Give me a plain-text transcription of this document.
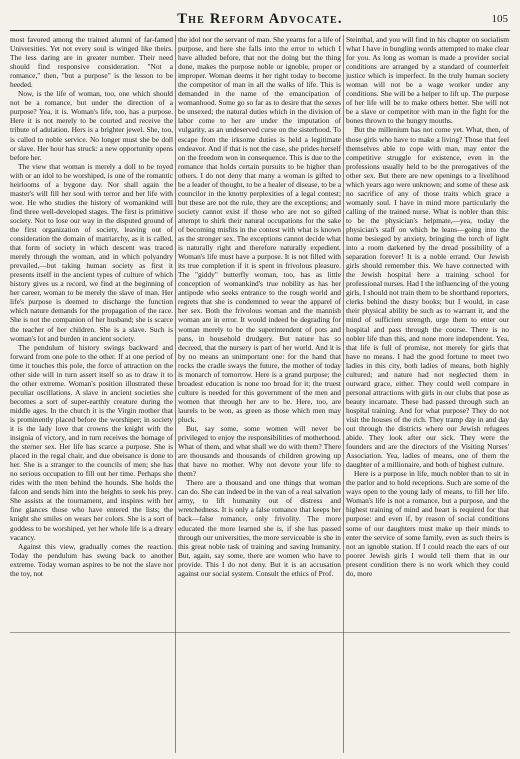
The Reform Advocate.	105

most favored among the trained alumni of far-famed Universities. Yet not every soul is winged like theirs. The less daring are in greater number. Their need should find responsive consideration. "Not a romance," then, "but a purpose" is the lesson to be heeded.

Now, is the life of woman, too, one which should not be a romance, but under the direction of a purpose? Yea, it is. Woman's life, too, has a purpose. Here it is not merely to be courted and receive the tribute of adulation. Hers is a brighter jewel. She, too, is called to noble service. No longer must she be doll or slave. Her hour has struck: a new opportunity opens before her.

The view that woman is merely a doll to be toyed with or an idol to be worshiped, is one of the romantic heirlooms of a bygone day. Nor shall again the master's will fill her soul with terror and her life with woe. He who studies the history of womankind will find three well-developed stages. The first is primitive society. Not to lose our way in the disputed ground of the first organization of society, leaving out of consideration the domain of matriarchy, as it is called, that form of society in which descent was traced merely through the woman, and in which polyandry prevailed,—but taking human society as first it presents itself in the ancient types of culture of which history gives us a record, we find at the beginning of her career, woman to be merely the slave of man. Her life's purpose is deemed to discharge the function which nature demands for the propagation of the race. She is not the companion of her husband; she is scarce the teacher of her children. She is a slave. Such is woman's lot and burden in ancient society.

The pendulum of history swings backward and forward from one pole to the other. If at one period of time it touches this pole, the force of attraction on the other side will in turn assert itself so as to draw it to the other extreme. Woman's position illustrated these peculiar oscillations. A slave in ancient societies she becomes a sort of super-earthly creature during the middle ages. In the church it is the Virgin mother that is prominently placed before the worshiper; in society it is the lady love that crowns the knight with the insignia of victory, and in turn receives the homage of the sterner sex. Her life has scarce a purpose. She is placed in the regal chair, and due obeisance is done to her. She is a stranger to the councils of men; she has no serious occupation to fill out her time. Perhaps she rides with the men behind the hounds. She holds the falcon and sends him into the heights to seek his prey. She assists at the tournament, and inspires with her fine glances those who have entered the lists; the knight she smiles on wears her colors. She is a sort of goddess to be worshiped, yet her whole life is a dreary vacancy.

Against this view, gradually comes the reaction. Today the pendulum has swung back to another extreme. Today woman aspires to be not the slave nor the toy, not

the idol nor the servant of man. She yearns for a life of purpose, and here she falls into the error to which I have alluded before, that not the doing but the thing done, makes the purpose noble or ignoble, proper or improper. Woman deems it her right today to become the competitor of man in all the walks of life. This is demanded in the name of the emancipation of womanhood. Some go so far as to desire that the sexes be unsexed; the natural duties which in the division of labor come to her are under the imputation of vulgarity, as an undeserved curse on the sisterhood. To escape from the irksome duties is held a legitimate endeavor. And if that is not the case, she prides herself on the freedom won in consequence. This is due to the romance that holds certain pursuits to be higher than others. I do not deny that many a woman is gifted to be a leader of thought, to be a healer of disease, to be a councilor in the knotty perplexities of a legal contest; but these are not the rule, they are the exceptions; and society cannot exist if those who are not so gifted attempt to shirk their natural occupations for the sake of becoming misfits in the contest with what is known as the stronger sex. The exceptions cannot decide what is naturally right and therefore naturally expedient. Woman's life must have a purpose. It is not filled with its true completion if it is spent in frivolous pleasure. The "giddy" butterfly woman, too, has as little conception of womankind's true nobility as has her antipode who seeks entrance to the rough world and regrets that she is condemned to wear the apparel of her sex. Both the frivolous woman and the mannish woman are in error. It would indeed be degrading for woman merely to be the superintendent of pots and pans, in household drudgery. But nature has so decreed, that the nursery is part of her world. And it is by no means an unimportant one: for the hand that rocks the cradle sways the future, the mother of today is monarch of tomorrow. Here is a grand purpose; the broadest education is none too broad for it; the truest culture is needed for this government of the men and women that through her are to be. Here, too, are laurels to be won, as green as those which men may pluck.

But, say some, some women will never be privileged to enjoy the responsibilities of motherhood. What of them, and what shall we do with them? There are thousands and thousands of children growing up that have no mother. Why not devote your life to them?

There are a thousand and one things that woman can do. She can indeed be in the van of a real salvation army, to lift humanity out of distress and wretchedness. It is only a false romance that keeps her back—false romance, only frivolity. The more educated the more learned she is, if she has passed through our universities, the more serviceable is she in this great noble task of training and saving humanity. But, again, say some, there are women who have to provide. This I do not deny. But it is an accusation against our social system. Consult the ethics of Prof.

Steinthal, and you will find in his chapter on socialism what I have in bungling words attempted to make clear for you. As long as woman is made a provider social conditions are arranged by a standard of counterfeit justice which is imperfect. In the truly human society woman will not be a wage worker under any conditions. She will be a helper to lift up. The purpose of her life will be to make others better. She will not be a slave or competitor with man in the fight for the bones thrown to the hungry mouths.

But the millenium has not come yet. What, then, of those girls who have to make a living? Those that feel themselves able to cope with man, may enter the competitive struggle for existence, even in the professions usually held to be the prerogatives of the other sex. But there are new openings to a livelihood which years ago were unknown; and some of these ask no sacrifice of any of those traits which grace a womanly soul. I have in mind more particularly the calling of the trained nurse. What is nobler than this: to be the physician's helpmate,—yea, today the physician's staff on which he leans—going into the home besieged by anxiety, bringing the torch of light into a room darkened by the dread possibility of a separation forever! It is a noble errand. Our Jewish girls should remember this. We have connected with the Jewish hospital here a training school for professional nurses. Had I the influencing of the young girls, I should not train them to be shorthand reporters, clerks behind the dusty books; but I would, in case their physical ability be such as to warrant it, and the mind of sufficient strength, urge them to enter our hospital and pass through the course. There is no nobler life than this, and none more independent. Yea, that life is full of promise, not merely for girls that have no means. I had the good fortune to meet two ladies in this city, both ladies of means, both highly cultured; and nature had not neglected them in outward grace, either. They could well compare in personal attractions with girls in our clubs that pose as beauty incarnate. These had passed through such an hospital training. And for what purpose? They do not visit the houses of the rich. They tramp day in and day out through the districts where our Jewish refugees abide. They look after our sick. They were the founders and are the directors of the Visiting Nurses' Association. Yea, ladies of means, one of them the daughter of a millionaire, and both of highest culture.

Here is a purpose in life, much nobler than to sit in the parlor and to hold receptions. Such are some of the ways open to the young lady of means, to fill her life. Woman's life is not a romance, but a purpose, and the highest training of mind and heart is required for that purpose: and even if, by reason of social conditions some of our daughters must make up their minds to enter the service of some family, even as such theirs is not an ignoble station. If I could reach the ears of our poorer Jewish girls I would tell them that in our present condition there is no work which they could do, more
